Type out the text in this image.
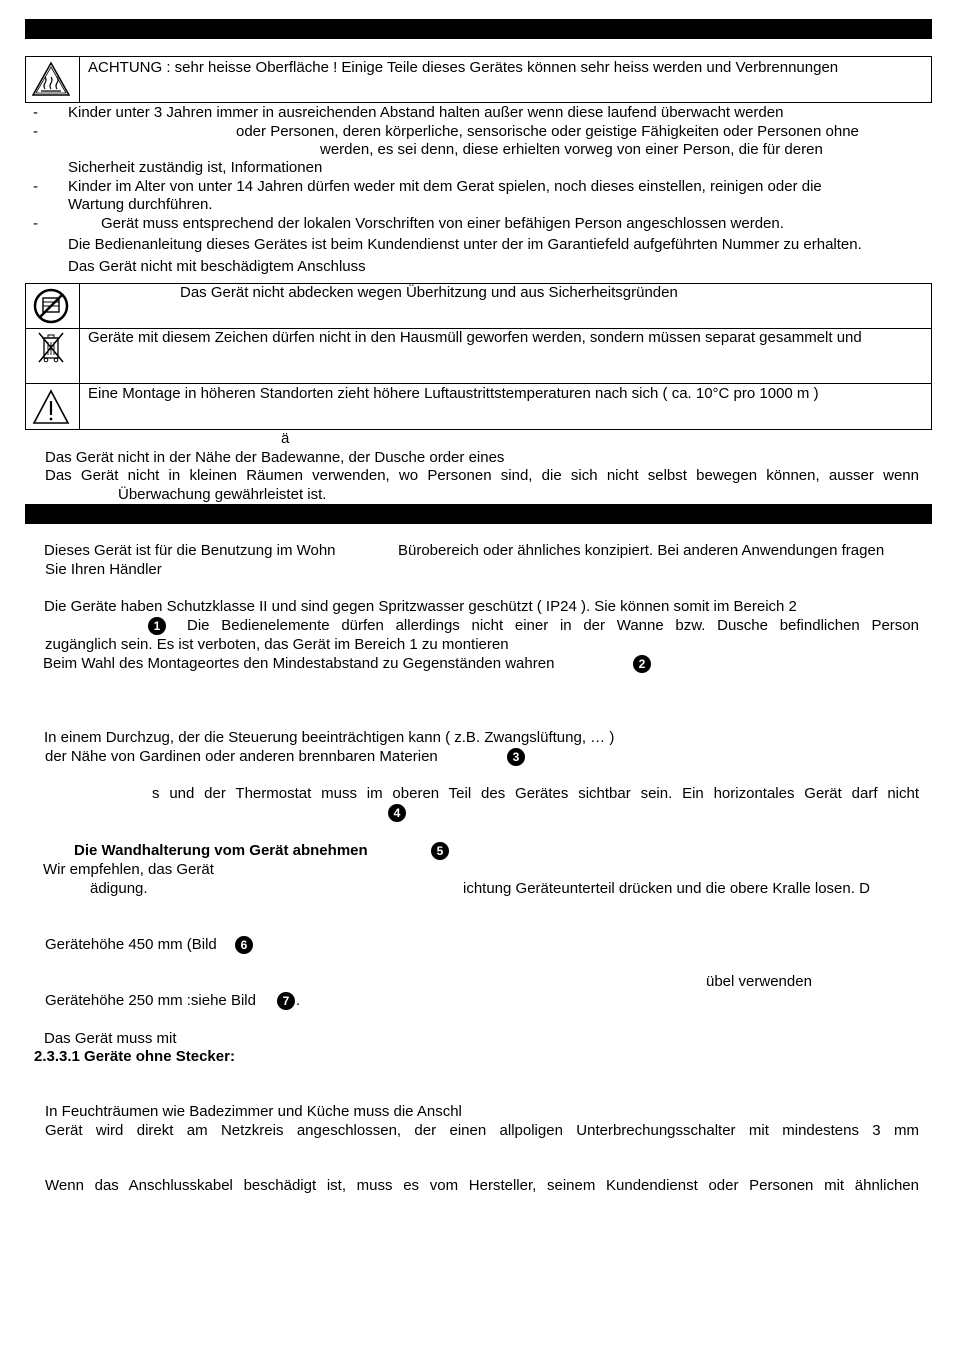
ACHTUNG : sehr heisse Oberfläche ! Einige Teile dieses Gerätes können sehr heiss werden und Verbrennungen
- Kinder unter 3 Jahren immer in ausreichenden Abstand halten außer wenn diese laufend überwacht werden
-	oder Personen, deren körperliche, sensorische oder geistige Fähigkeiten oder Personen ohne
werden, es sei denn, diese erhielten vorweg von einer Person, die für deren
Sicherheit zuständig ist, Informationen
- Kinder im Alter von unter 14 Jahren dürfen weder mit dem Gerat spielen, noch dieses einstellen, reinigen oder die
Wartung durchführen.
-	Gerät muss entsprechend der lokalen Vorschriften von einer befähigen Person angeschlossen werden.
Die Bedienanleitung dieses Gerätes ist beim Kundendienst unter der im Garantiefeld aufgeführten Nummer zu erhalten.
Das Gerät nicht mit beschädigtem Anschluss
Das Gerät nicht abdecken wegen Überhitzung und aus Sicherheitsgründen
Geräte mit diesem Zeichen dürfen nicht in den Hausmüll geworfen werden, sondern müssen separat gesammelt und
Eine Montage in höheren Standorten zieht höhere Luftaustrittstemperaturen nach sich ( ca. 10°C pro 1000 m )
ä
Das Gerät nicht in der Nähe der Badewanne, der Dusche order eines
Das Gerät nicht in kleinen Räumen verwenden, wo Personen sind, die sich nicht selbst bewegen können, ausser wenn
Überwachung gewährleistet ist.
Dieses Gerät ist für die Benutzung im Wohn	Bürobereich oder ähnliches konzipiert. Bei anderen Anwendungen fragen
Sie Ihren Händler
Die Geräte haben Schutzklasse II und sind gegen Spritzwasser geschützt ( IP24 ). Sie können somit im Bereich 2
1	Die Bedienelemente dürfen allerdings nicht einer in der Wanne bzw. Dusche befindlichen Person
zugänglich sein. Es ist verboten, das Gerät im Bereich 1 zu montieren
Beim Wahl des Montageortes den Mindestabstand zu Gegenständen wahren	2
In einem Durchzug, der die Steuerung beeinträchtigen kann ( z.B. Zwangslüftung, … )
der Nähe von Gardinen oder anderen brennbaren Materien	3
s und der Thermostat muss im oberen Teil des Gerätes sichtbar sein. Ein horizontales Gerät darf nicht
4
Die Wandhalterung vom Gerät abnehmen	5
Wir empfehlen, das Gerät
ädigung.	ichtung Geräteunterteil drücken und die obere Kralle losen. D
Gerätehöhe 450 mm (Bild	6
übel verwenden
Gerätehöhe 250 mm :siehe Bild	7 .
Das Gerät muss mit
2.3.3.1 Geräte ohne Stecker:
In Feuchträumen wie Badezimmer und Küche muss die Anschl
Gerät wird direkt am Netzkreis angeschlossen, der einen allpoligen Unterbrechungsschalter mit mindestens 3 mm
Wenn das Anschlusskabel beschädigt ist, muss es vom Hersteller, seinem Kundendienst oder Personen mit ähnlichen
